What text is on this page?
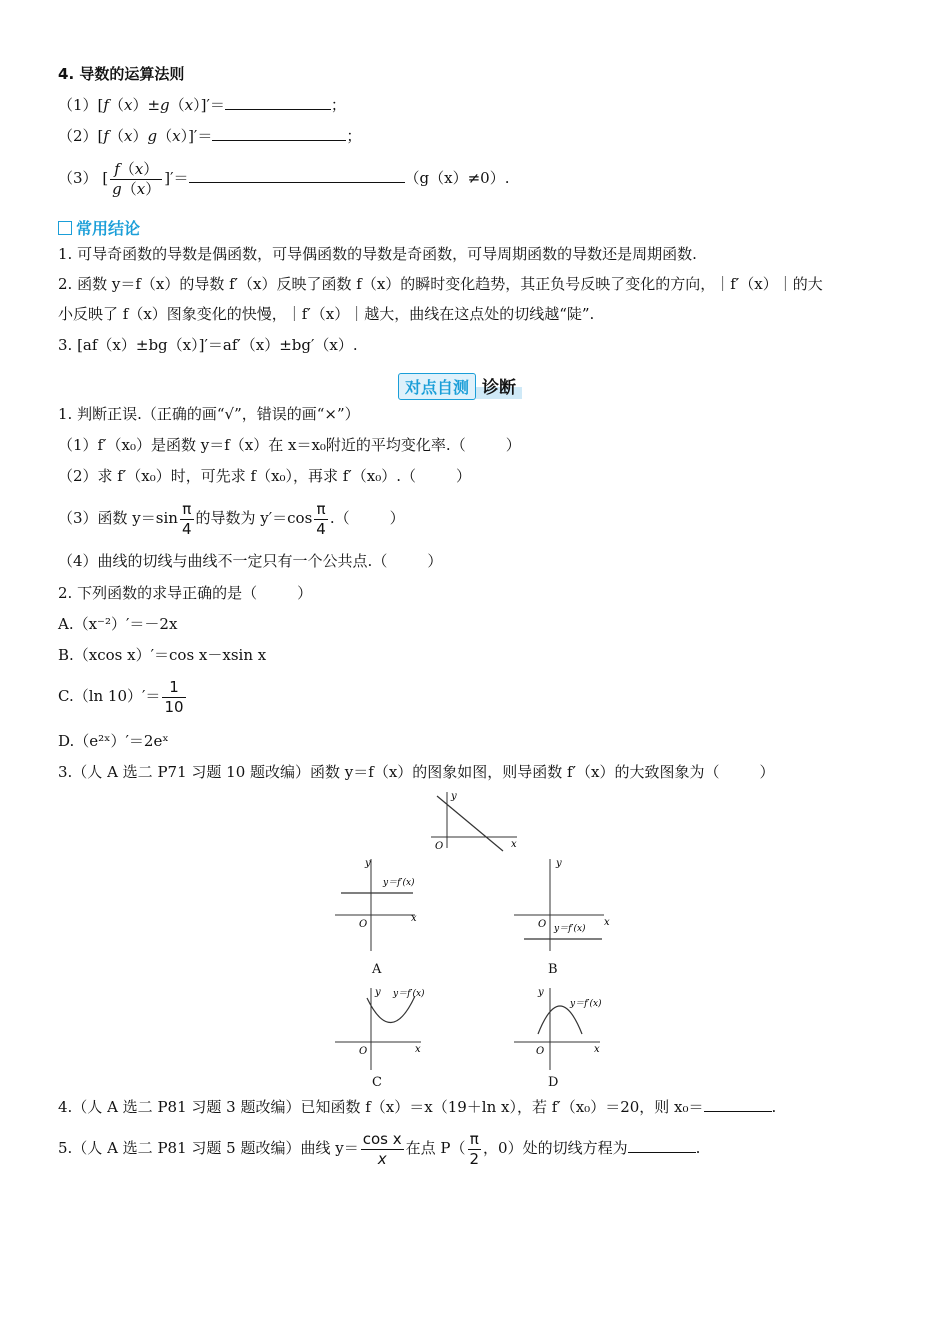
4. 导数的运算法则
（1）[f（x）±g（x）]′＝	；
（2）[f（x）g（x）]′＝	；
（3） [ $\frac{f(x)}{g(x)}$ ]′＝	（g（x）≠0）.
常用结论
1. 可导奇函数的导数是偶函数，可导偶函数的导数是奇函数，可导周期函数的导数还是周期函数.
2. 函数 y＝f（x）的导数 f′（x）反映了函数 f（x）的瞬时变化趋势，其正负号反映了变化的方向，｜f′（x）｜的大
小反映了 f（x）图象变化的快慢，｜f′（x）｜越大，曲线在这点处的切线越“陡”.
3. [af（x）±bg（x）]′＝af′（x）±bg′（x）.
对点自测 诊断
1. 判断正误.（正确的画“√”，错误的画“×”）
（1）f′（x₀）是函数 y＝f（x）在 x＝x₀附近的平均变化率.（	）
（2）求 f′（x₀）时，可先求 f（x₀），再求 f′（x₀）.（	）
（3）函数 $y=\sin \frac{\pi}{4}$ 的导数为 $y'=\cos \frac{\pi}{4}$ .（	）
（4）曲线的切线与曲线不一定只有一个公共点.（	）
2. 下列函数的求导正确的是（	）
A.（x⁻²）′＝－2x
B.（xcos x）′＝cos x－xsin x
C.（ln $10)'= \frac{1}{10}$
D.（e²ˣ）′＝2eˣ
3.（人 A 选二 P71 习题 10 题改编）函数 y＝f（x）的图象如图，则导函数 f′（x）的大致图象为（	）
y
x
O
y
x
O
y＝f′(x)
A
y
x
O y＝f′(x)
B
y
x
O
y＝f′(x)
C
y
x
O
y＝f′(x)
D
4.（人 A 选二 P81 习题 3 题改编）已知函数 f（x）＝x（19＋ln x），若 f′（x₀）＝20，则 x₀＝	.
5.（人 A 选二 P81 习题 5 题改编）曲线 $y= \frac{\text{cos x}}{x}$ 在点 $P( \frac{\pi}{2}$ ，0）处的切线方程为	.
